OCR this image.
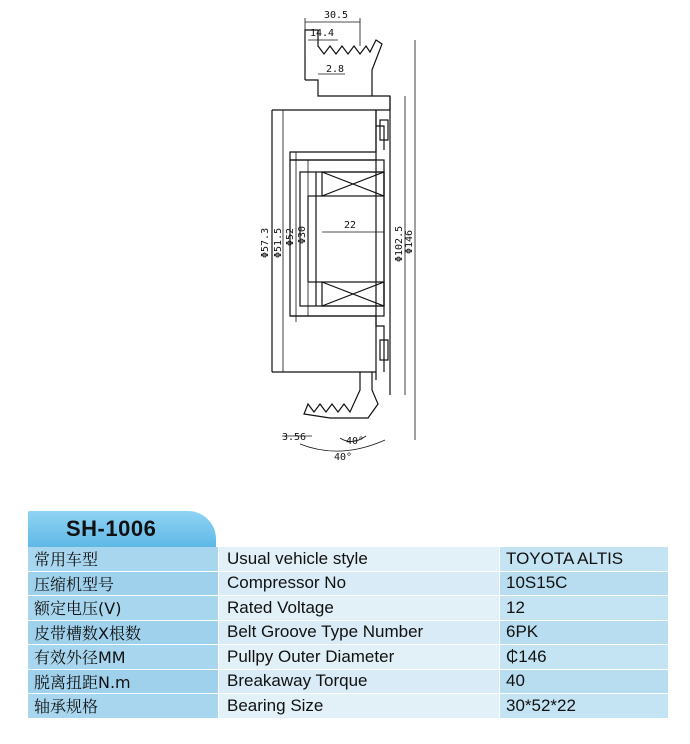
30.5
14.4
2.8
Φ57.3 Φ51.5 Φ52 Φ30
22
Φ102.5 Φ146
3.56	40°
40°
SH-1006
常用车型	Usual vehicle style	TOYOTA ALTIS
压缩机型号	Compressor No	10S15C
额定电压(V)	Rated Voltage	12
皮带槽数X根数	Belt Groove Type Number	6PK
有效外径MM	Pullpy Outer Diameter	₵146
脱离扭距N.m	Breakaway Torque	40
轴承规格	Bearing Size	30*52*22
